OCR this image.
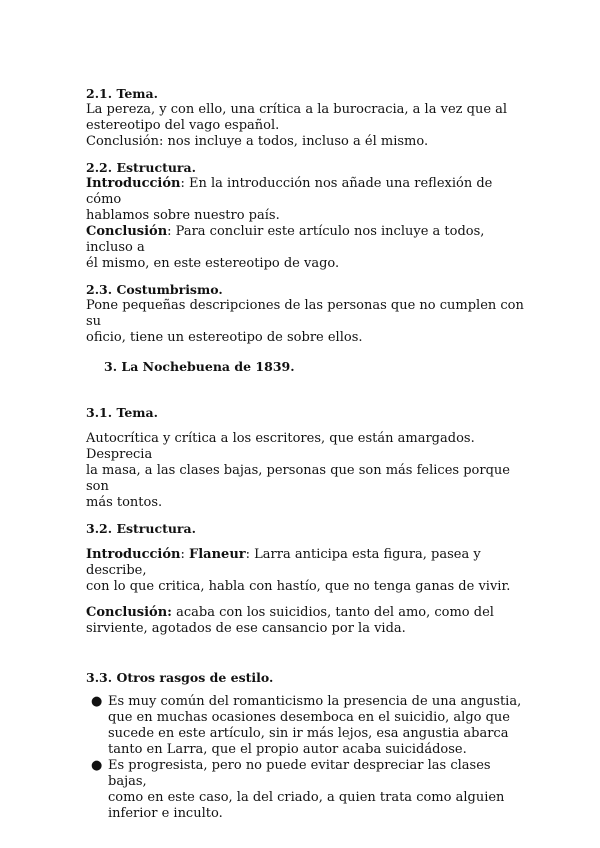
2.1. Tema.

La pereza, y con ello, una crítica a la burocracia, a la vez que al

estereotipo del vago español.

Conclusión: nos incluye a todos, incluso a él mismo.

2.2. Estructura.

Introducción: En la introducción nos añade una reflexión de cómo

hablamos sobre nuestro país.

Conclusión: Para concluir este artículo nos incluye a todos, incluso a

él mismo, en este estereotipo de vago.

2.3. Costumbrismo.

Pone pequeñas descripciones de las personas que no cumplen con su

oficio, tiene un estereotipo de sobre ellos.

3. La Nochebuena de 1839.

3.1. Tema.

Autocrítica y crítica a los escritores, que están amargados. Desprecia

la masa, a las clases bajas, personas que son más felices porque son

más tontos.

3.2. Estructura.

Introducción: Flaneur: Larra anticipa esta figura, pasea y describe,

con lo que critica, habla con hastío, que no tenga ganas de vivir.

Conclusión: acaba con los suicidios, tanto del amo, como del

sirviente, agotados de ese cansancio por la vida.

3.3. Otros rasgos de estilo.

● Es muy común del romanticismo la presencia de una angustia,
que en muchas ocasiones desemboca en el suicidio, algo que
sucede en este artículo, sin ir más lejos, esa angustia abarca
tanto en Larra, que el propio autor acaba suicidádose.
● Es progresista, pero no puede evitar despreciar las clases bajas,
como en este caso, la del criado, a quien trata como alguien
inferior e inculto.
